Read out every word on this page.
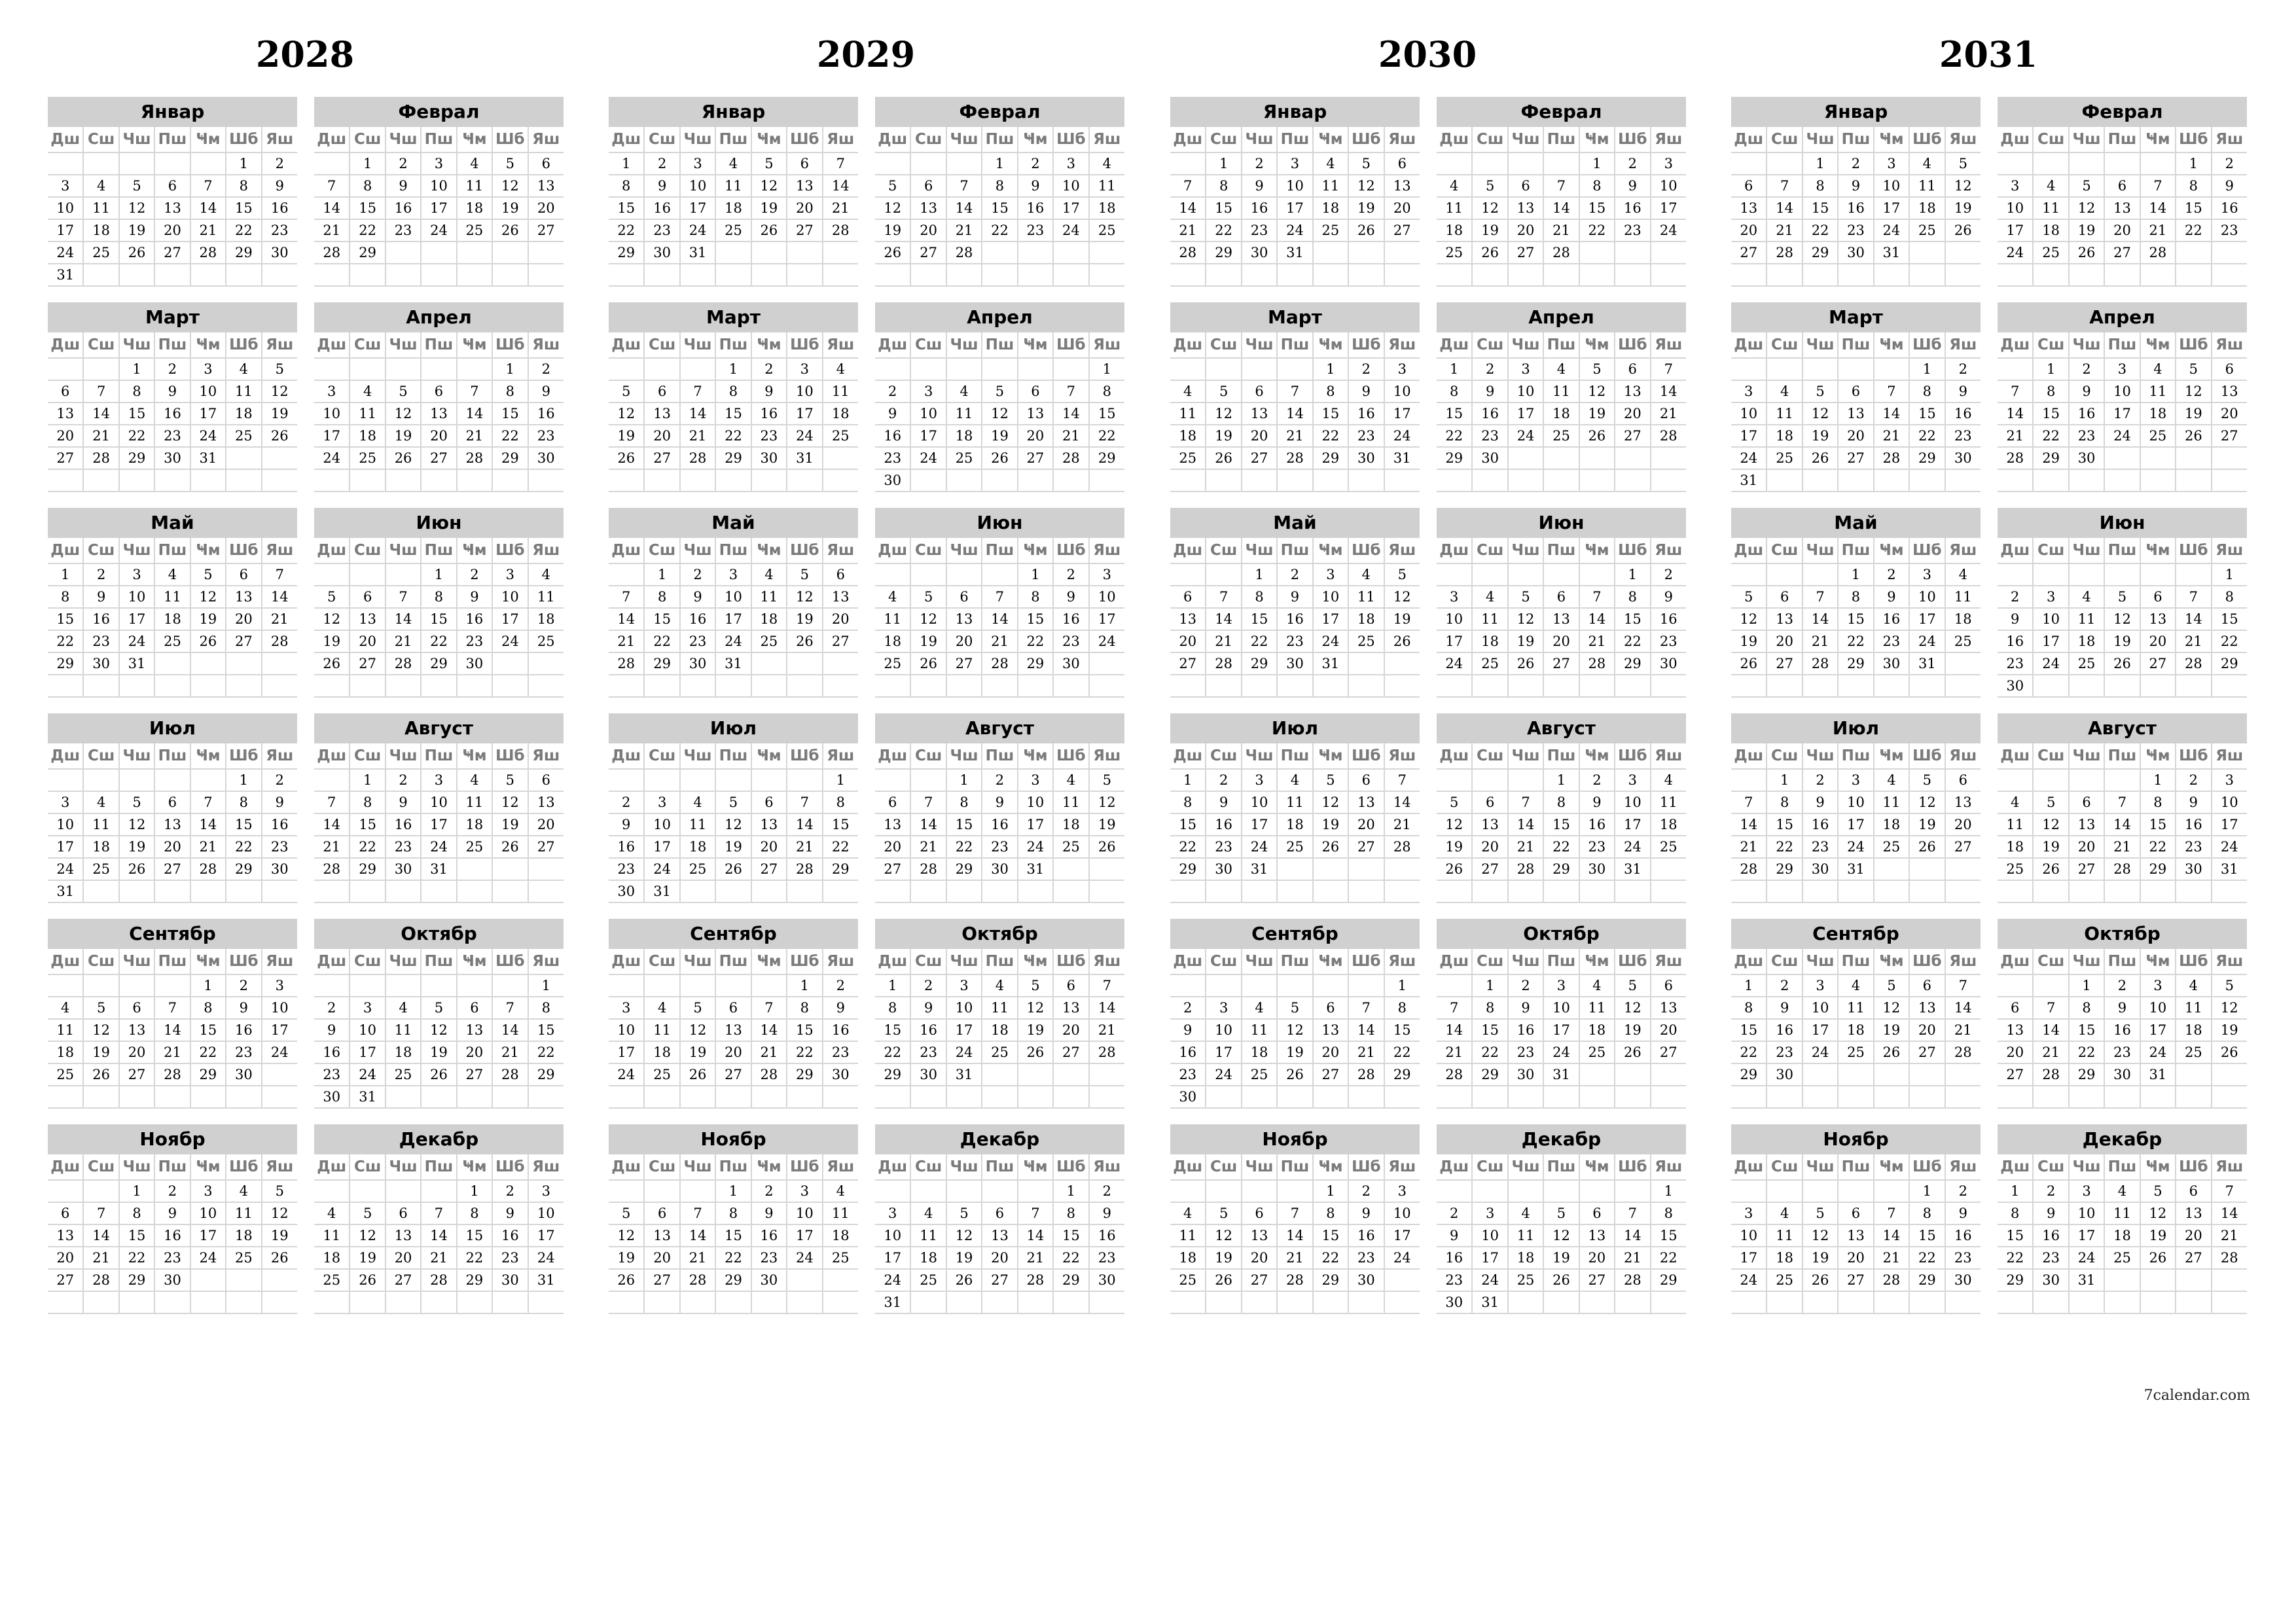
2028
Январ
Дш	Сш	Чш	Пш	Ҹм	Шб	Яш
					1	2
3	4	5	6	7	8	9
10	11	12	13	14	15	16
17	18	19	20	21	22	23
24	25	26	27	28	29	30
31						
Феврал
Дш	Сш	Чш	Пш	Ҹм	Шб	Яш
	1	2	3	4	5	6
7	8	9	10	11	12	13
14	15	16	17	18	19	20
21	22	23	24	25	26	27
28	29					

Март
Дш	Сш	Чш	Пш	Ҹм	Шб	Яш
		1	2	3	4	5
6	7	8	9	10	11	12
13	14	15	16	17	18	19
20	21	22	23	24	25	26
27	28	29	30	31		

Апрел
Дш	Сш	Чш	Пш	Ҹм	Шб	Яш
					1	2
3	4	5	6	7	8	9
10	11	12	13	14	15	16
17	18	19	20	21	22	23
24	25	26	27	28	29	30

Май
Дш	Сш	Чш	Пш	Ҹм	Шб	Яш
1	2	3	4	5	6	7
8	9	10	11	12	13	14
15	16	17	18	19	20	21
22	23	24	25	26	27	28
29	30	31				

Июн
Дш	Сш	Чш	Пш	Ҹм	Шб	Яш
			1	2	3	4
5	6	7	8	9	10	11
12	13	14	15	16	17	18
19	20	21	22	23	24	25
26	27	28	29	30		

Июл
Дш	Сш	Чш	Пш	Ҹм	Шб	Яш
					1	2
3	4	5	6	7	8	9
10	11	12	13	14	15	16
17	18	19	20	21	22	23
24	25	26	27	28	29	30
31						
Август
Дш	Сш	Чш	Пш	Ҹм	Шб	Яш
	1	2	3	4	5	6
7	8	9	10	11	12	13
14	15	16	17	18	19	20
21	22	23	24	25	26	27
28	29	30	31			

Сентябр
Дш	Сш	Чш	Пш	Ҹм	Шб	Яш
				1	2	3
4	5	6	7	8	9	10
11	12	13	14	15	16	17
18	19	20	21	22	23	24
25	26	27	28	29	30	

Октябр
Дш	Сш	Чш	Пш	Ҹм	Шб	Яш
						1
2	3	4	5	6	7	8
9	10	11	12	13	14	15
16	17	18	19	20	21	22
23	24	25	26	27	28	29
30	31					
Ноябр
Дш	Сш	Чш	Пш	Ҹм	Шб	Яш
		1	2	3	4	5
6	7	8	9	10	11	12
13	14	15	16	17	18	19
20	21	22	23	24	25	26
27	28	29	30			

Декабр
Дш	Сш	Чш	Пш	Ҹм	Шб	Яш
				1	2	3
4	5	6	7	8	9	10
11	12	13	14	15	16	17
18	19	20	21	22	23	24
25	26	27	28	29	30	31

2029
Январ
Дш	Сш	Чш	Пш	Ҹм	Шб	Яш
1	2	3	4	5	6	7
8	9	10	11	12	13	14
15	16	17	18	19	20	21
22	23	24	25	26	27	28
29	30	31				

Феврал
Дш	Сш	Чш	Пш	Ҹм	Шб	Яш
			1	2	3	4
5	6	7	8	9	10	11
12	13	14	15	16	17	18
19	20	21	22	23	24	25
26	27	28				

Март
Дш	Сш	Чш	Пш	Ҹм	Шб	Яш
			1	2	3	4
5	6	7	8	9	10	11
12	13	14	15	16	17	18
19	20	21	22	23	24	25
26	27	28	29	30	31	

Апрел
Дш	Сш	Чш	Пш	Ҹм	Шб	Яш
						1
2	3	4	5	6	7	8
9	10	11	12	13	14	15
16	17	18	19	20	21	22
23	24	25	26	27	28	29
30						
Май
Дш	Сш	Чш	Пш	Ҹм	Шб	Яш
	1	2	3	4	5	6
7	8	9	10	11	12	13
14	15	16	17	18	19	20
21	22	23	24	25	26	27
28	29	30	31			

Июн
Дш	Сш	Чш	Пш	Ҹм	Шб	Яш
				1	2	3
4	5	6	7	8	9	10
11	12	13	14	15	16	17
18	19	20	21	22	23	24
25	26	27	28	29	30	

Июл
Дш	Сш	Чш	Пш	Ҹм	Шб	Яш
						1
2	3	4	5	6	7	8
9	10	11	12	13	14	15
16	17	18	19	20	21	22
23	24	25	26	27	28	29
30	31					
Август
Дш	Сш	Чш	Пш	Ҹм	Шб	Яш
		1	2	3	4	5
6	7	8	9	10	11	12
13	14	15	16	17	18	19
20	21	22	23	24	25	26
27	28	29	30	31		

Сентябр
Дш	Сш	Чш	Пш	Ҹм	Шб	Яш
					1	2
3	4	5	6	7	8	9
10	11	12	13	14	15	16
17	18	19	20	21	22	23
24	25	26	27	28	29	30

Октябр
Дш	Сш	Чш	Пш	Ҹм	Шб	Яш
1	2	3	4	5	6	7
8	9	10	11	12	13	14
15	16	17	18	19	20	21
22	23	24	25	26	27	28
29	30	31				

Ноябр
Дш	Сш	Чш	Пш	Ҹм	Шб	Яш
			1	2	3	4
5	6	7	8	9	10	11
12	13	14	15	16	17	18
19	20	21	22	23	24	25
26	27	28	29	30		

Декабр
Дш	Сш	Чш	Пш	Ҹм	Шб	Яш
					1	2
3	4	5	6	7	8	9
10	11	12	13	14	15	16
17	18	19	20	21	22	23
24	25	26	27	28	29	30
31						
2030
Январ
Дш	Сш	Чш	Пш	Ҹм	Шб	Яш
	1	2	3	4	5	6
7	8	9	10	11	12	13
14	15	16	17	18	19	20
21	22	23	24	25	26	27
28	29	30	31			

Феврал
Дш	Сш	Чш	Пш	Ҹм	Шб	Яш
				1	2	3
4	5	6	7	8	9	10
11	12	13	14	15	16	17
18	19	20	21	22	23	24
25	26	27	28			

Март
Дш	Сш	Чш	Пш	Ҹм	Шб	Яш
				1	2	3
4	5	6	7	8	9	10
11	12	13	14	15	16	17
18	19	20	21	22	23	24
25	26	27	28	29	30	31

Апрел
Дш	Сш	Чш	Пш	Ҹм	Шб	Яш
1	2	3	4	5	6	7
8	9	10	11	12	13	14
15	16	17	18	19	20	21
22	23	24	25	26	27	28
29	30					

Май
Дш	Сш	Чш	Пш	Ҹм	Шб	Яш
		1	2	3	4	5
6	7	8	9	10	11	12
13	14	15	16	17	18	19
20	21	22	23	24	25	26
27	28	29	30	31		

Июн
Дш	Сш	Чш	Пш	Ҹм	Шб	Яш
					1	2
3	4	5	6	7	8	9
10	11	12	13	14	15	16
17	18	19	20	21	22	23
24	25	26	27	28	29	30

Июл
Дш	Сш	Чш	Пш	Ҹм	Шб	Яш
1	2	3	4	5	6	7
8	9	10	11	12	13	14
15	16	17	18	19	20	21
22	23	24	25	26	27	28
29	30	31				

Август
Дш	Сш	Чш	Пш	Ҹм	Шб	Яш
			1	2	3	4
5	6	7	8	9	10	11
12	13	14	15	16	17	18
19	20	21	22	23	24	25
26	27	28	29	30	31	

Сентябр
Дш	Сш	Чш	Пш	Ҹм	Шб	Яш
						1
2	3	4	5	6	7	8
9	10	11	12	13	14	15
16	17	18	19	20	21	22
23	24	25	26	27	28	29
30						
Октябр
Дш	Сш	Чш	Пш	Ҹм	Шб	Яш
	1	2	3	4	5	6
7	8	9	10	11	12	13
14	15	16	17	18	19	20
21	22	23	24	25	26	27
28	29	30	31			

Ноябр
Дш	Сш	Чш	Пш	Ҹм	Шб	Яш
				1	2	3
4	5	6	7	8	9	10
11	12	13	14	15	16	17
18	19	20	21	22	23	24
25	26	27	28	29	30	

Декабр
Дш	Сш	Чш	Пш	Ҹм	Шб	Яш
						1
2	3	4	5	6	7	8
9	10	11	12	13	14	15
16	17	18	19	20	21	22
23	24	25	26	27	28	29
30	31					
2031
Январ
Дш	Сш	Чш	Пш	Ҹм	Шб	Яш
		1	2	3	4	5
6	7	8	9	10	11	12
13	14	15	16	17	18	19
20	21	22	23	24	25	26
27	28	29	30	31		

Феврал
Дш	Сш	Чш	Пш	Ҹм	Шб	Яш
					1	2
3	4	5	6	7	8	9
10	11	12	13	14	15	16
17	18	19	20	21	22	23
24	25	26	27	28		

Март
Дш	Сш	Чш	Пш	Ҹм	Шб	Яш
					1	2
3	4	5	6	7	8	9
10	11	12	13	14	15	16
17	18	19	20	21	22	23
24	25	26	27	28	29	30
31						
Апрел
Дш	Сш	Чш	Пш	Ҹм	Шб	Яш
	1	2	3	4	5	6
7	8	9	10	11	12	13
14	15	16	17	18	19	20
21	22	23	24	25	26	27
28	29	30				

Май
Дш	Сш	Чш	Пш	Ҹм	Шб	Яш
			1	2	3	4
5	6	7	8	9	10	11
12	13	14	15	16	17	18
19	20	21	22	23	24	25
26	27	28	29	30	31	

Июн
Дш	Сш	Чш	Пш	Ҹм	Шб	Яш
						1
2	3	4	5	6	7	8
9	10	11	12	13	14	15
16	17	18	19	20	21	22
23	24	25	26	27	28	29
30						
Июл
Дш	Сш	Чш	Пш	Ҹм	Шб	Яш
	1	2	3	4	5	6
7	8	9	10	11	12	13
14	15	16	17	18	19	20
21	22	23	24	25	26	27
28	29	30	31			

Август
Дш	Сш	Чш	Пш	Ҹм	Шб	Яш
				1	2	3
4	5	6	7	8	9	10
11	12	13	14	15	16	17
18	19	20	21	22	23	24
25	26	27	28	29	30	31

Сентябр
Дш	Сш	Чш	Пш	Ҹм	Шб	Яш
1	2	3	4	5	6	7
8	9	10	11	12	13	14
15	16	17	18	19	20	21
22	23	24	25	26	27	28
29	30					

Октябр
Дш	Сш	Чш	Пш	Ҹм	Шб	Яш
		1	2	3	4	5
6	7	8	9	10	11	12
13	14	15	16	17	18	19
20	21	22	23	24	25	26
27	28	29	30	31		

Ноябр
Дш	Сш	Чш	Пш	Ҹм	Шб	Яш
					1	2
3	4	5	6	7	8	9
10	11	12	13	14	15	16
17	18	19	20	21	22	23
24	25	26	27	28	29	30

Декабр
Дш	Сш	Чш	Пш	Ҹм	Шб	Яш
1	2	3	4	5	6	7
8	9	10	11	12	13	14
15	16	17	18	19	20	21
22	23	24	25	26	27	28
29	30	31				

7calendar.com
